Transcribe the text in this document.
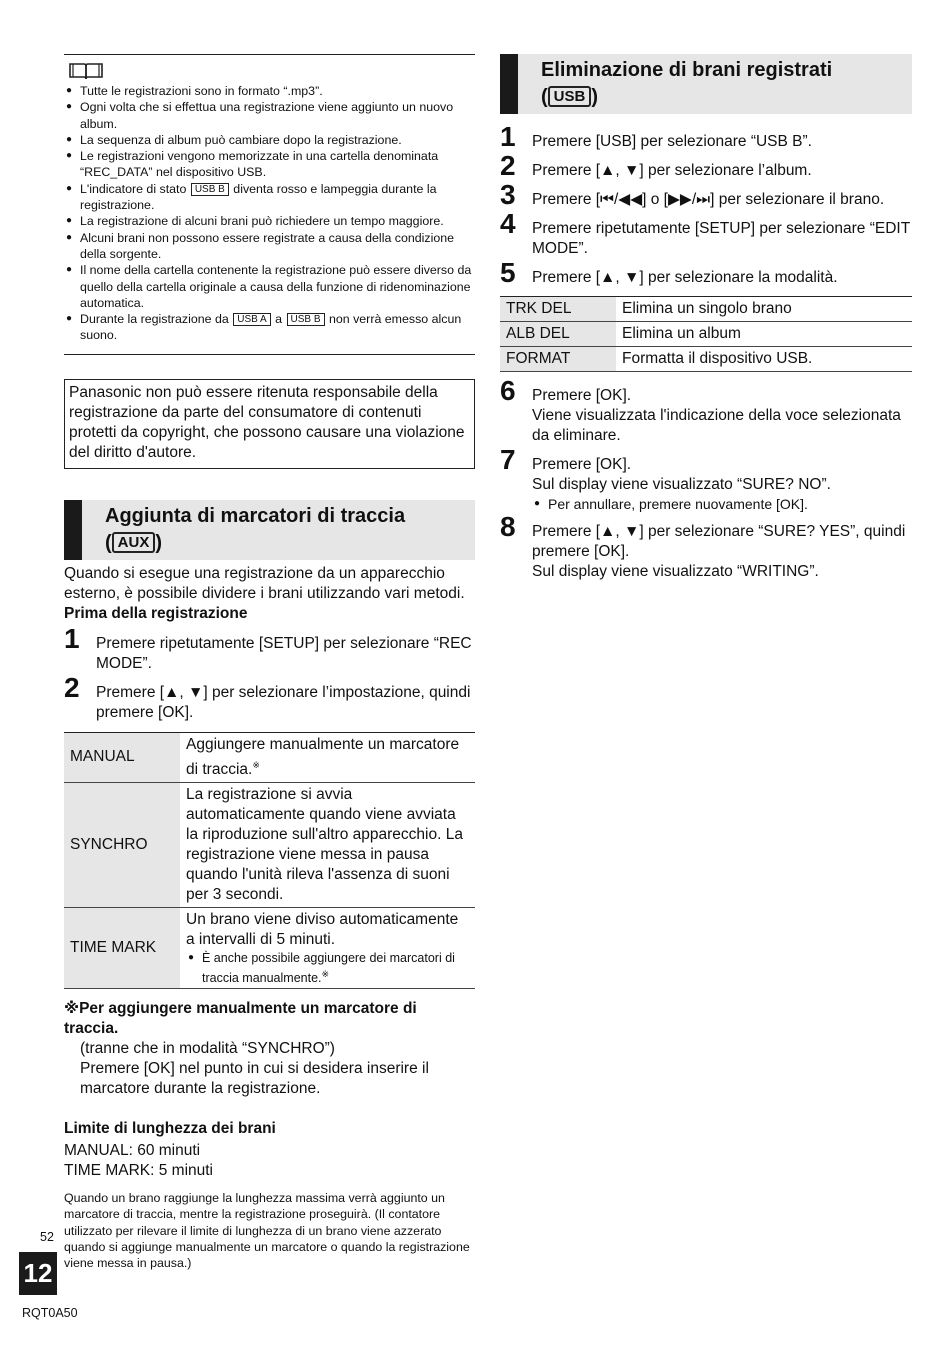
● Tutte le registrazioni sono in formato “.mp3”.
● Ogni volta che si effettua una registrazione viene aggiunto un nuovo album.
● La sequenza di album può cambiare dopo la registrazione.
● Le registrazioni vengono memorizzate in una cartella denominata “REC_DATA” nel dispositivo USB.
● L'indicatore di stato USB B diventa rosso e lampeggia durante la registrazione.
● La registrazione di alcuni brani può richiedere un tempo maggiore.
● Alcuni brani non possono essere registrate a causa della condizione della sorgente.
● Il nome della cartella contenente la registrazione può essere diverso da quello della cartella originale a causa della funzione di ridenominazione automatica.
● Durante la registrazione da USB A a USB B non verrà emesso alcun suono.
Panasonic non può essere ritenuta responsabile della registrazione da parte del consumatore di contenuti protetti da copyright, che possono causare una violazione del diritto d'autore.
Aggiunta di marcatori di traccia
( AUX )
Quando si esegue una registrazione da un apparecchio esterno, è possibile dividere i brani utilizzando vari metodi.
Prima della registrazione
1	Premere ripetutamente [SETUP] per selezionare “REC MODE”.
2	Premere [▲, ▼] per selezionare l’impostazione, quindi premere [OK].
MANUAL	Aggiungere manualmente un marcatore di traccia.※
SYNCHRO	La registrazione si avvia automaticamente quando viene avviata la riproduzione sull'altro apparecchio. La registrazione viene messa in pausa quando l'unità rileva l'assenza di suoni per 3 secondi.
TIME MARK	Un brano viene diviso automaticamente a intervalli di 5 minuti.
● È anche possibile aggiungere dei marcatori di traccia manualmente.※
※Per aggiungere manualmente un marcatore di traccia.
(tranne che in modalità “SYNCHRO”)
Premere [OK] nel punto in cui si desidera inserire il marcatore durante la registrazione.
Limite di lunghezza dei brani
MANUAL: 60 minuti
TIME MARK: 5 minuti
Quando un brano raggiunge la lunghezza massima verrà aggiunto un marcatore di traccia, mentre la registrazione proseguirà. (Il contatore utilizzato per rilevare il limite di lunghezza di un brano viene azzerato quando si aggiunge manualmente un marcatore o quando la registrazione viene messa in pausa.)
Eliminazione di brani registrati
( USB )
1	Premere [USB] per selezionare “USB B”.
2	Premere [▲, ▼] per selezionare l’album.
3	Premere [⏮/◀◀] o [▶▶/⏭] per selezionare il brano.
4	Premere ripetutamente [SETUP] per selezionare “EDIT MODE”.
5	Premere [▲, ▼] per selezionare la modalità.
TRK DEL	Elimina un singolo brano
ALB DEL	Elimina un album
FORMAT	Formatta il dispositivo USB.
6	Premere [OK].
Viene visualizzata l'indicazione della voce selezionata da eliminare.
7	Premere [OK].
Sul display viene visualizzato “SURE? NO”.
● Per annullare, premere nuovamente [OK].
8	Premere [▲, ▼] per selezionare “SURE? YES”, quindi premere [OK].
Sul display viene visualizzato “WRITING”.
52
12
RQT0A50
